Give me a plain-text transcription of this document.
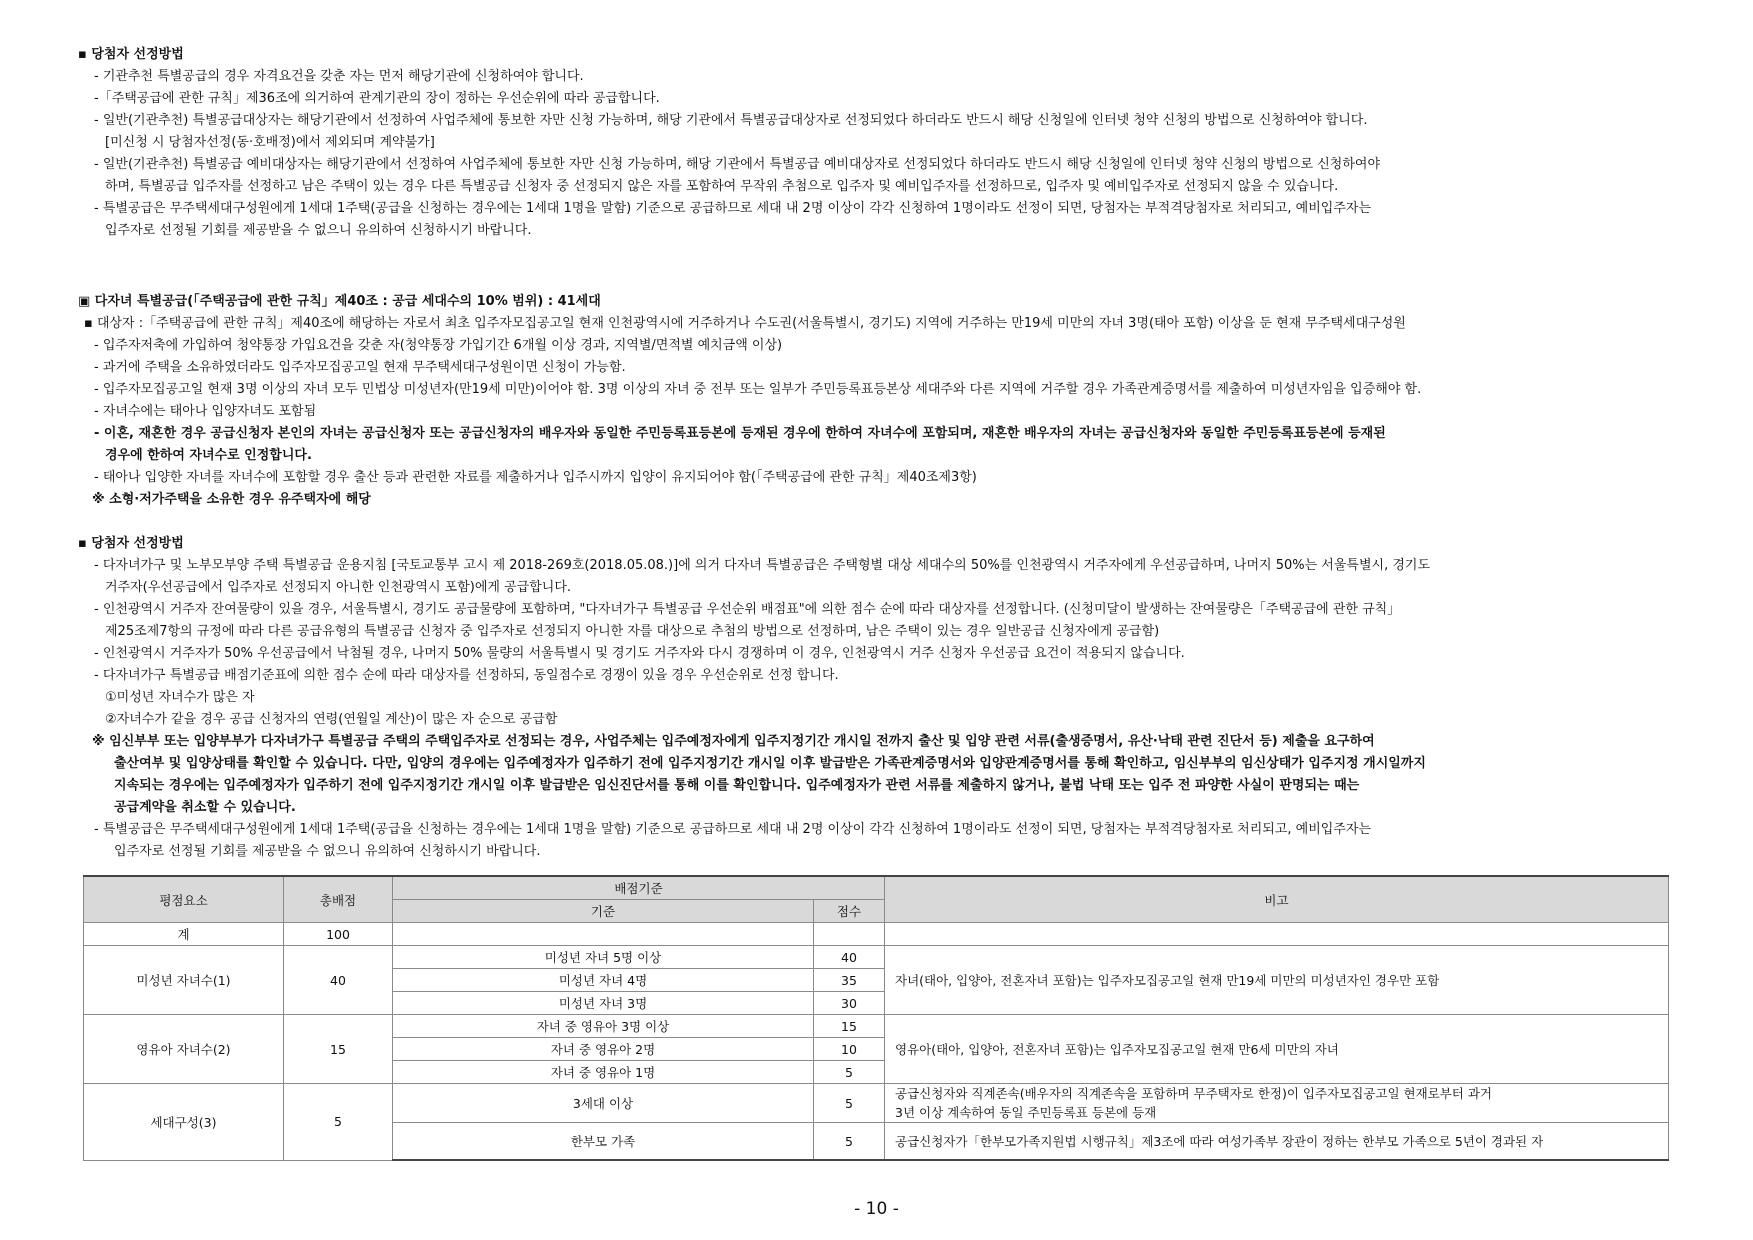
▪ 당첨자 선정방법
- 기관추천 특별공급의 경우 자격요건을 갖춘 자는 먼저 해당기관에 신청하여야 합니다.
-「주택공급에 관한 규칙」제36조에 의거하여 관계기관의 장이 정하는 우선순위에 따라 공급합니다.
- 일반(기관추천) 특별공급대상자는 해당기관에서 선정하여 사업주체에 통보한 자만 신청 가능하며, 해당 기관에서 특별공급대상자로 선정되었다 하더라도 반드시 해당 신청일에 인터넷 청약 신청의 방법으로 신청하여야 합니다.
[미신청 시 당첨자선정(동·호배정)에서 제외되며 계약불가]
- 일반(기관추천) 특별공급 예비대상자는 해당기관에서 선정하여 사업주체에 통보한 자만 신청 가능하며, 해당 기관에서 특별공급 예비대상자로 선정되었다 하더라도 반드시 해당 신청일에 인터넷 청약 신청의 방법으로 신청하여야
하며, 특별공급 입주자를 선정하고 남은 주택이 있는 경우 다른 특별공급 신청자 중 선정되지 않은 자를 포함하여 무작위 추첨으로 입주자 및 예비입주자를 선정하므로, 입주자 및 예비입주자로 선정되지 않을 수 있습니다.
- 특별공급은 무주택세대구성원에게 1세대 1주택(공급을 신청하는 경우에는 1세대 1명을 말함) 기준으로 공급하므로 세대 내 2명 이상이 각각 신청하여 1명이라도 선정이 되면, 당첨자는 부적격당첨자로 처리되고, 예비입주자는
입주자로 선정될 기회를 제공받을 수 없으니 유의하여 신청하시기 바랍니다.
▣ 다자녀 특별공급(「주택공급에 관한 규칙」제40조 : 공급 세대수의 10% 범위) : 41세대
▪ 대상자 :「주택공급에 관한 규칙」제40조에 해당하는 자로서 최초 입주자모집공고일 현재 인천광역시에 거주하거나 수도권(서울특별시, 경기도) 지역에 거주하는 만19세 미만의 자녀 3명(태아 포함) 이상을 둔 현재 무주택세대구성원
- 입주자저축에 가입하여 청약통장 가입요건을 갖춘 자(청약통장 가입기간 6개월 이상 경과, 지역별/면적별 예치금액 이상)
- 과거에 주택을 소유하였더라도 입주자모집공고일 현재 무주택세대구성원이면 신청이 가능함.
- 입주자모집공고일 현재 3명 이상의 자녀 모두 민법상 미성년자(만19세 미만)이어야 함. 3명 이상의 자녀 중 전부 또는 일부가 주민등록표등본상 세대주와 다른 지역에 거주할 경우 가족관계증명서를 제출하여 미성년자임을 입증해야 함.
- 자녀수에는 태아나 입양자녀도 포함됨
- 이혼, 재혼한 경우 공급신청자 본인의 자녀는 공급신청자 또는 공급신청자의 배우자와 동일한 주민등록표등본에 등재된 경우에 한하여 자녀수에 포함되며, 재혼한 배우자의 자녀는 공급신청자와 동일한 주민등록표등본에 등재된
경우에 한하여 자녀수로 인정합니다.
- 태아나 입양한 자녀를 자녀수에 포함할 경우 출산 등과 관련한 자료를 제출하거나 입주시까지 입양이 유지되어야 함(「주택공급에 관한 규칙」제40조제3항)
※ 소형·저가주택을 소유한 경우 유주택자에 해당
▪ 당첨자 선정방법
- 다자녀가구 및 노부모부양 주택 특별공급 운용지침 [국토교통부 고시 제 2018-269호(2018.05.08.)]에 의거 다자녀 특별공급은 주택형별 대상 세대수의 50%를 인천광역시 거주자에게 우선공급하며, 나머지 50%는 서울특별시, 경기도
거주자(우선공급에서 입주자로 선정되지 아니한 인천광역시 포함)에게 공급합니다.
- 인천광역시 거주자 잔여물량이 있을 경우, 서울특별시, 경기도 공급물량에 포함하며, "다자녀가구 특별공급 우선순위 배점표"에 의한 점수 순에 따라 대상자를 선정합니다. (신청미달이 발생하는 잔여물량은「주택공급에 관한 규칙」
제25조제7항의 규정에 따라 다른 공급유형의 특별공급 신청자 중 입주자로 선정되지 아니한 자를 대상으로 추첨의 방법으로 선정하며, 남은 주택이 있는 경우 일반공급 신청자에게 공급함)
- 인천광역시 거주자가 50% 우선공급에서 낙첨될 경우, 나머지 50% 물량의 서울특별시 및 경기도 거주자와 다시 경쟁하며 이 경우, 인천광역시 거주 신청자 우선공급 요건이 적용되지 않습니다.
- 다자녀가구 특별공급 배점기준표에 의한 점수 순에 따라 대상자를 선정하되, 동일점수로 경쟁이 있을 경우 우선순위로 선정 합니다.
①미성년 자녀수가 많은 자
②자녀수가 같을 경우 공급 신청자의 연령(연월일 계산)이 많은 자 순으로 공급함
※ 임신부부 또는 입양부부가 다자녀가구 특별공급 주택의 주택입주자로 선정되는 경우, 사업주체는 입주예정자에게 입주지정기간 개시일 전까지 출산 및 입양 관련 서류(출생증명서, 유산·낙태 관련 진단서 등) 제출을 요구하여
출산여부 및 입양상태를 확인할 수 있습니다. 다만, 입양의 경우에는 입주예정자가 입주하기 전에 입주지정기간 개시일 이후 발급받은 가족관계증명서와 입양관계증명서를 통해 확인하고, 임신부부의 임신상태가 입주지정 개시일까지
지속되는 경우에는 입주예정자가 입주하기 전에 입주지정기간 개시일 이후 발급받은 임신진단서를 통해 이를 확인합니다. 입주예정자가 관련 서류를 제출하지 않거나, 불법 낙태 또는 입주 전 파양한 사실이 판명되는 때는
공급계약을 취소할 수 있습니다.
- 특별공급은 무주택세대구성원에게 1세대 1주택(공급을 신청하는 경우에는 1세대 1명을 말함) 기준으로 공급하므로 세대 내 2명 이상이 각각 신청하여 1명이라도 선정이 되면, 당첨자는 부적격당첨자로 처리되고, 예비입주자는
입주자로 선정될 기회를 제공받을 수 없으니 유의하여 신청하시기 바랍니다.
평점요소	총배점	배점기준		비고
		기준	점수	
계	100			
미성년 자녀수(1)	40	미성년 자녀 5명 이상	40	자녀(태아, 입양아, 전혼자녀 포함)는 입주자모집공고일 현재 만19세 미만의 미성년자인 경우만 포함
		미성년 자녀 4명	35	
		미성년 자녀 3명	30	
영유아 자녀수(2)	15	자녀 중 영유아 3명 이상	15	영유아(태아, 입양아, 전혼자녀 포함)는 입주자모집공고일 현재 만6세 미만의 자녀
		자녀 중 영유아 2명	10	
		자녀 중 영유아 1명	5	
세대구성(3)	5	3세대 이상	5	공급신청자와 직계존속(배우자의 직계존속을 포함하며 무주택자로 한정)이 입주자모집공고일 현재로부터 과거
3년 이상 계속하여 동일 주민등록표 등본에 등재

		한부모 가족	5	공급신청자가「한부모가족지원법 시행규칙」제3조에 따라 여성가족부 장관이 정하는 한부모 가족으로 5년이 경과된 자
- 10 -
